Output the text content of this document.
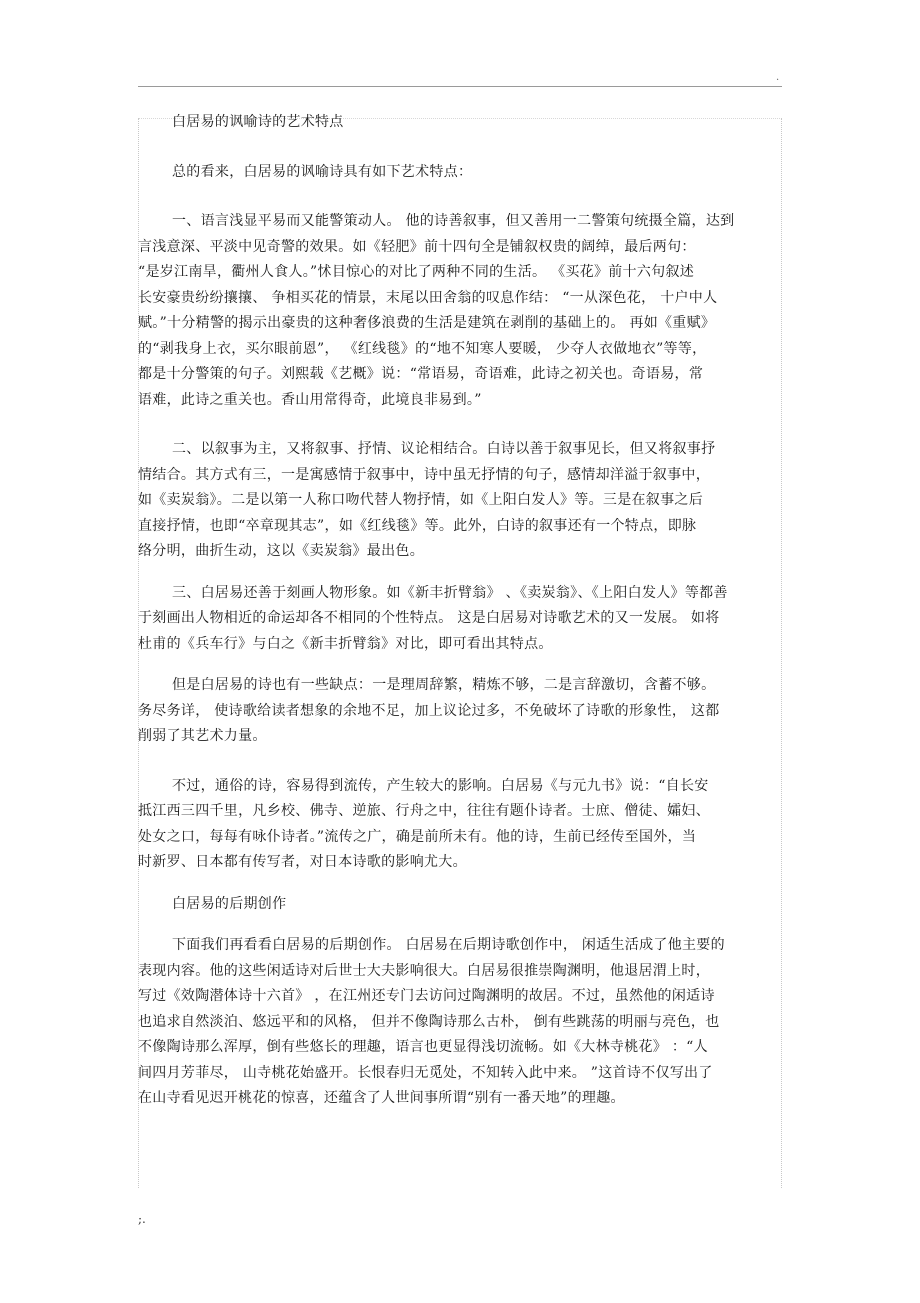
.
白居易的讽喻诗的艺术特点
总的看来，白居易的讽喻诗具有如下艺术特点：
一、语言浅显平易而又能警策动人。 他的诗善叙事，但又善用一二警策句统摄全篇，达到
言浅意深、平淡中见奇警的效果。如《轻肥》前十四句全是铺叙权贵的阔绰，最后两句：
“是岁江南旱，衢州人食人。”怵目惊心的对比了两种不同的生活。 《买花》前十六句叙述
长安豪贵纷纷攘攘、 争相买花的情景，末尾以田舍翁的叹息作结： “一从深色花， 十户中人
赋。”十分精警的揭示出豪贵的这种奢侈浪费的生活是建筑在剥削的基础上的。 再如《重赋》
的“剥我身上衣，买尔眼前恩”， 《红线毯》的“地不知寒人要暖， 少夺人衣做地衣”等等，
都是十分警策的句子。刘熙载《艺概》说：“常语易，奇语难，此诗之初关也。奇语易，常
语难，此诗之重关也。香山用常得奇，此境良非易到。”
二、以叙事为主，又将叙事、抒情、议论相结合。白诗以善于叙事见长，但又将叙事抒
情结合。其方式有三，一是寓感情于叙事中，诗中虽无抒情的句子，感情却洋溢于叙事中，
如《卖炭翁》。二是以第一人称口吻代替人物抒情，如《上阳白发人》等。三是在叙事之后
直接抒情，也即“卒章现其志”，如《红线毯》等。此外，白诗的叙事还有一个特点，即脉
络分明，曲折生动，这以《卖炭翁》最出色。
三、白居易还善于刻画人物形象。如《新丰折臂翁》 、《卖炭翁》、《上阳白发人》等都善
于刻画出人物相近的命运却各不相同的个性特点。 这是白居易对诗歌艺术的又一发展。 如将
杜甫的《兵车行》与白之《新丰折臂翁》对比，即可看出其特点。
但是白居易的诗也有一些缺点：一是理周辞繁，精炼不够，二是言辞激切，含蓄不够。
务尽务详， 使诗歌给读者想象的余地不足，加上议论过多，不免破坏了诗歌的形象性， 这都
削弱了其艺术力量。
不过，通俗的诗，容易得到流传，产生较大的影响。白居易《与元九书》说：“自长安
抵江西三四千里，凡乡校、佛寺、逆旅、行舟之中，往往有题仆诗者。士庶、僧徒、孀妇、
处女之口，每每有咏仆诗者。”流传之广，确是前所未有。他的诗，生前已经传至国外，当
时新罗、日本都有传写者，对日本诗歌的影响尤大。
白居易的后期创作
下面我们再看看白居易的后期创作。 白居易在后期诗歌创作中， 闲适生活成了他主要的
表现内容。他的这些闲适诗对后世士大夫影响很大。白居易很推崇陶渊明，他退居渭上时，
写过《效陶潜体诗十六首》 ，在江州还专门去访问过陶渊明的故居。不过，虽然他的闲适诗
也追求自然淡泊、悠远平和的风格， 但并不像陶诗那么古朴， 倒有些跳荡的明丽与亮色，也
不像陶诗那么浑厚，倒有些悠长的理趣，语言也更显得浅切流畅。如《大林寺桃花》 ：“人
间四月芳菲尽， 山寺桃花始盛开。长恨春归无觅处，不知转入此中来。 ”这首诗不仅写出了
在山寺看见迟开桃花的惊喜，还蕴含了人世间事所谓“别有一番天地”的理趣。
;.
